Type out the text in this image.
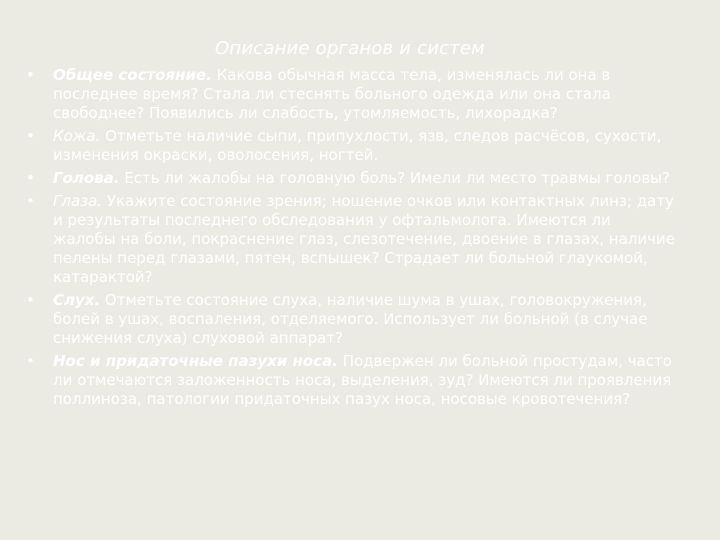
Описание органов и систем
• Общее состояние. Какова обычная масса тела, изменялась ли она в последнее время? Стала ли стеснять больного одежда или она стала свободнее? Появились ли слабость, утомляемость, лихорадка?
• Кожа. Отметьте наличие сыпи, припухлости, язв, следов расчёсов, сухости, изменения окраски, оволосения, ногтей.
• Голова. Есть ли жалобы на головную боль? Имели ли место травмы головы?
• Глаза. Укажите состояние зрения; ношение очков или контактных линз; дату и результаты последнего обследования у офтальмолога. Имеются ли жалобы на боли, покраснение глаз, слезотечение, двоение в глазах, наличие пелены перед глазами, пятен, вспышек? Страдает ли больной глаукомой, катарактой?
• Слух. Отметьте состояние слуха, наличие шума в ушах, головокружения, болей в ушах, воспаления, отделяемого. Использует ли больной (в случае снижения слуха) слуховой аппарат?
• Нос и придаточные пазухи носа. Подвержен ли больной простудам, часто ли отмечаются заложенность носа, выделения, зуд? Имеются ли проявления поллиноза, патологии придаточных пазух носа, носовые кровотечения?
